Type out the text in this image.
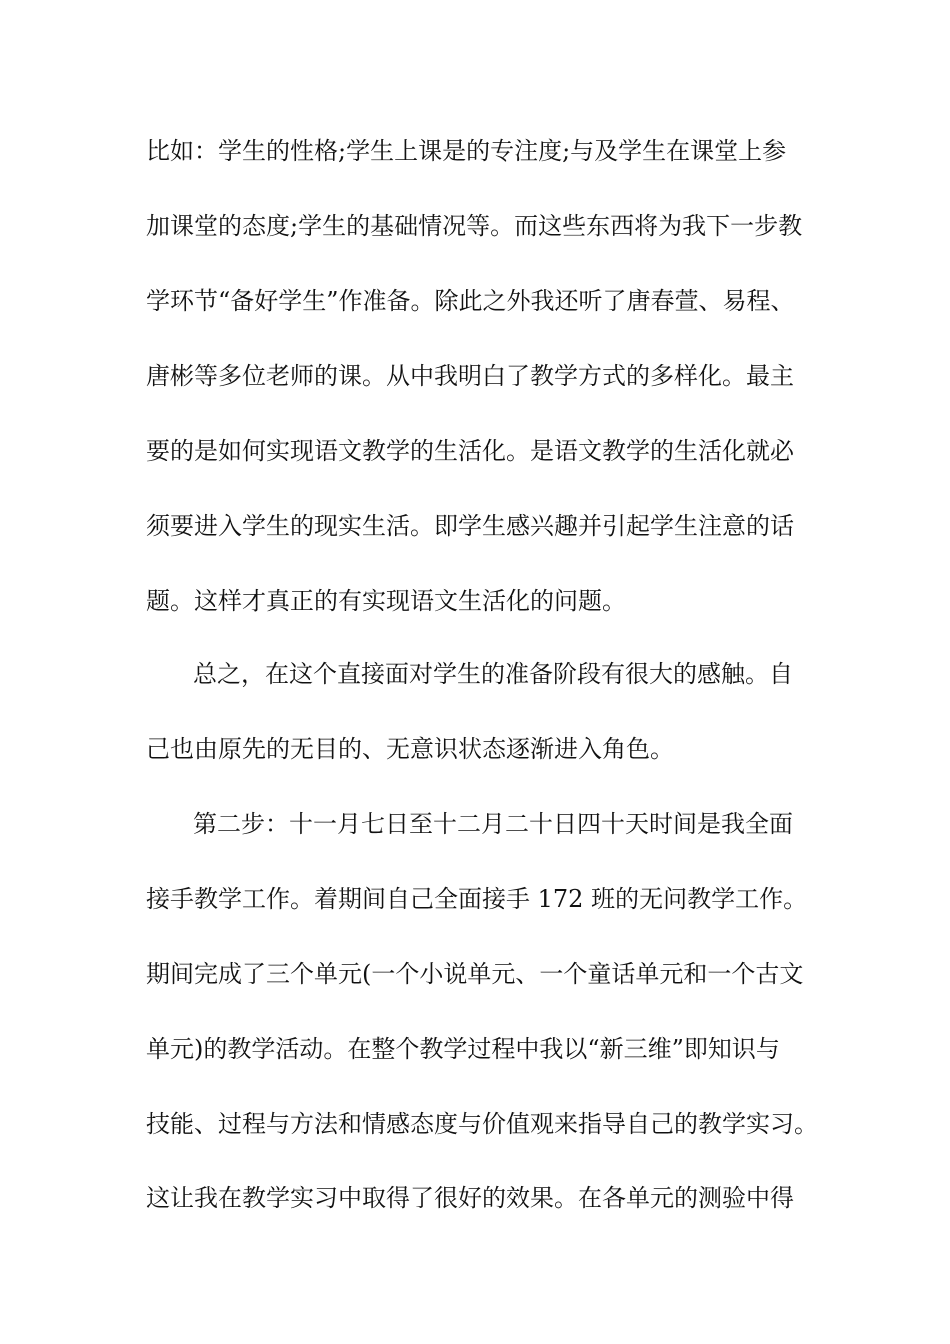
比如：学生的性格;学生上课是的专注度;与及学生在课堂上参
加课堂的态度;学生的基础情况等。而这些东西将为我下一步教
学环节“备好学生”作准备。除此之外我还听了唐春萱、易程、
唐彬等多位老师的课。从中我明白了教学方式的多样化。最主
要的是如何实现语文教学的生活化。是语文教学的生活化就必
须要进入学生的现实生活。即学生感兴趣并引起学生注意的话
题。这样才真正的有实现语文生活化的问题。
总之，在这个直接面对学生的准备阶段有很大的感触。自
己也由原先的无目的、无意识状态逐渐进入角色。
第二步：十一月七日至十二月二十日四十天时间是我全面
接手教学工作。着期间自己全面接手 172 班的无问教学工作。
期间完成了三个单元(一个小说单元、一个童话单元和一个古文
单元)的教学活动。在整个教学过程中我以“新三维”即知识与
技能、过程与方法和情感态度与价值观来指导自己的教学实习。
这让我在教学实习中取得了很好的效果。在各单元的测验中得
